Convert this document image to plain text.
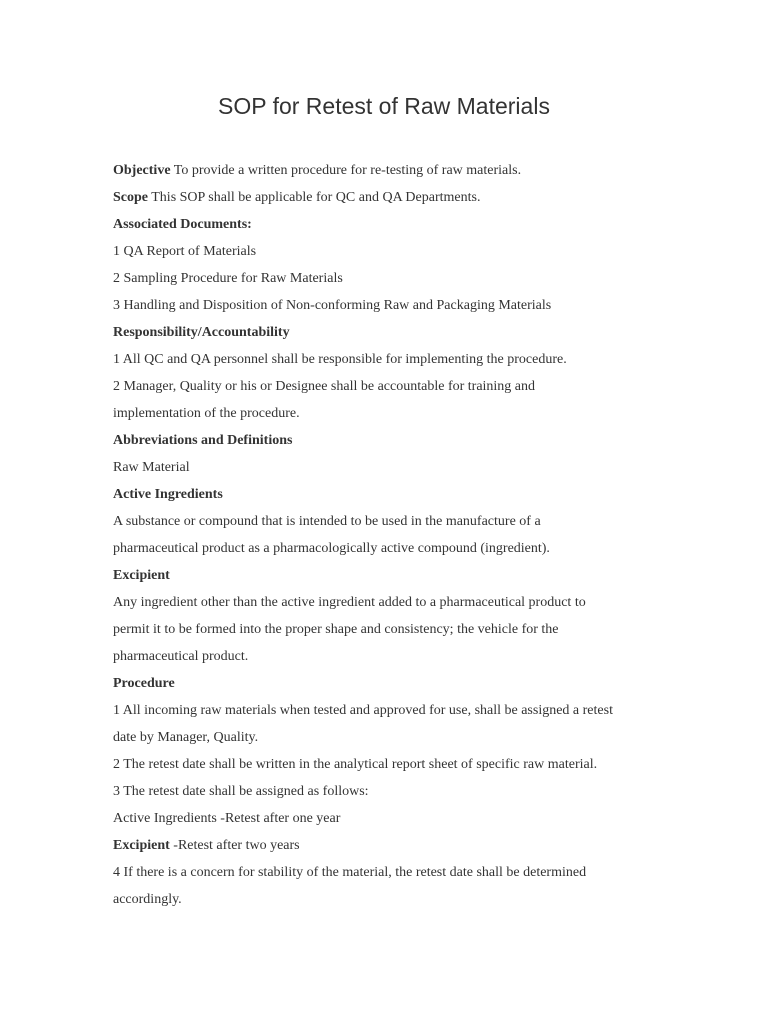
SOP for Retest of Raw Materials
Objective To provide a written procedure for re-testing of raw materials.
Scope This SOP shall be applicable for QC and QA Departments.
Associated Documents:
1 QA Report of Materials
2 Sampling Procedure for Raw Materials
3 Handling and Disposition of Non-conforming Raw and Packaging Materials
Responsibility/Accountability
1 All QC and QA personnel shall be responsible for implementing the procedure.
2 Manager, Quality or his or Designee shall be accountable for training and
implementation of the procedure.
Abbreviations and Definitions
Raw Material
Active Ingredients
A substance or compound that is intended to be used in the manufacture of a
pharmaceutical product as a pharmacologically active compound (ingredient).
Excipient
Any ingredient other than the active ingredient added to a pharmaceutical product to
permit it to be formed into the proper shape and consistency; the vehicle for the
pharmaceutical product.
Procedure
1 All incoming raw materials when tested and approved for use, shall be assigned a retest
date by Manager, Quality.
2 The retest date shall be written in the analytical report sheet of specific raw material.
3 The retest date shall be assigned as follows:
Active Ingredients -Retest after one year
Excipient -Retest after two years
4 If there is a concern for stability of the material, the retest date shall be determined
accordingly.
